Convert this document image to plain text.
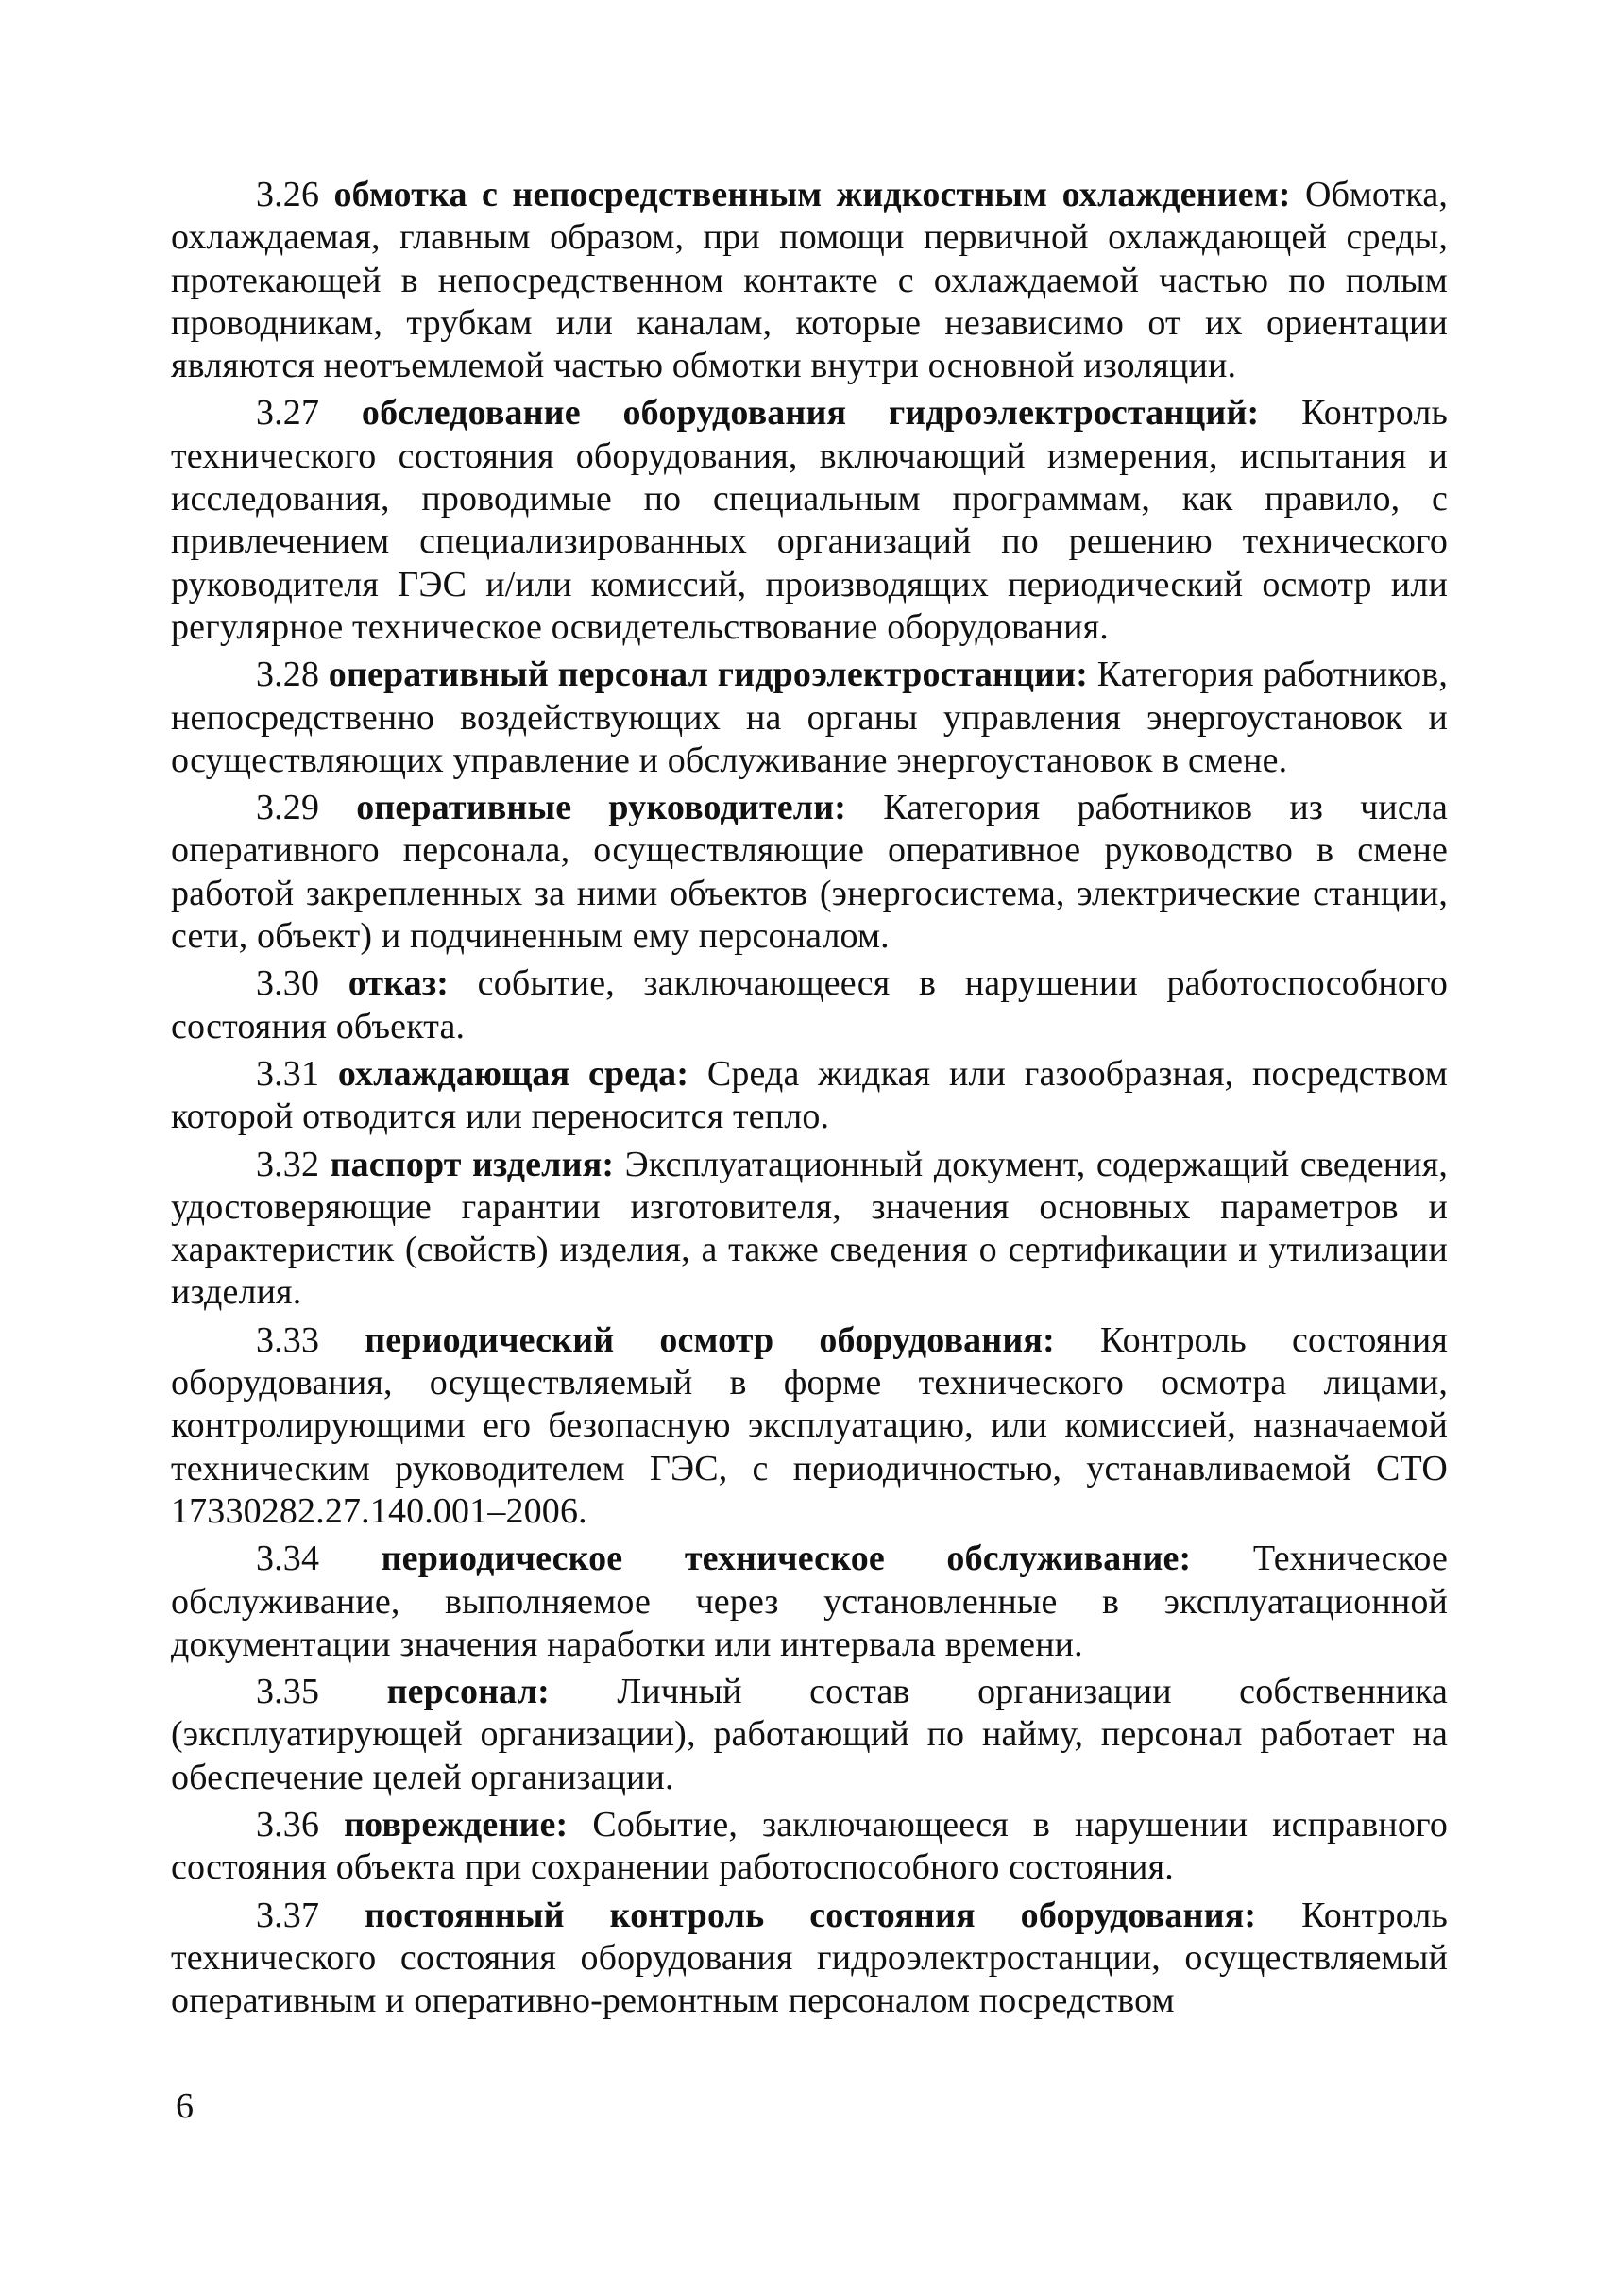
3.26 обмотка с непосредственным жидкостным охлаждением: Обмотка, охлаждаемая, главным образом, при помощи первичной охлаждающей среды, протекающей в непосредственном контакте с охлаждаемой частью по полым проводникам, трубкам или каналам, которые независимо от их ориентации являются неотъемлемой частью обмотки внутри основной изоляции.

3.27 обследование оборудования гидроэлектростанций: Контроль технического состояния оборудования, включающий измерения, испытания и исследования, проводимые по специальным программам, как правило, с привлечением специализированных организаций по решению технического руководителя ГЭС и/или комиссий, производящих периодический осмотр или регулярное техническое освидетельствование оборудования.

3.28 оперативный персонал гидроэлектростанции: Категория работников, непосредственно воздействующих на органы управления энергоустановок и осуществляющих управление и обслуживание энергоустановок в смене.

3.29 оперативные руководители: Категория работников из числа оперативного персонала, осуществляющие оперативное руководство в смене работой закрепленных за ними объектов (энергосистема, электрические станции, сети, объект) и подчиненным ему персоналом.

3.30 отказ: событие, заключающееся в нарушении работоспособного состояния объекта.

3.31 охлаждающая среда: Среда жидкая или газообразная, посредством которой отводится или переносится тепло.

3.32 паспорт изделия: Эксплуатационный документ, содержащий сведения, удостоверяющие гарантии изготовителя, значения основных параметров и характеристик (свойств) изделия, а также сведения о сертификации и утилизации изделия.

3.33 периодический осмотр оборудования: Контроль состояния оборудования, осуществляемый в форме технического осмотра лицами, контролирующими его безопасную эксплуатацию, или комиссией, назначаемой техническим руководителем ГЭС, с периодичностью, устанавливаемой СТО 17330282.27.140.001–2006.

3.34 периодическое техническое обслуживание: Техническое обслуживание, выполняемое через установленные в эксплуатационной документации значения наработки или интервала времени.

3.35 персонал: Личный состав организации собственника (эксплуатирующей организации), работающий по найму, персонал работает на обеспечение целей организации.

3.36 повреждение: Событие, заключающееся в нарушении исправного состояния объекта при сохранении работоспособного состояния.

3.37 постоянный контроль состояния оборудования: Контроль технического состояния оборудования гидроэлектростанции, осуществляемый оперативным и оперативно-ремонтным персоналом посредством

6
